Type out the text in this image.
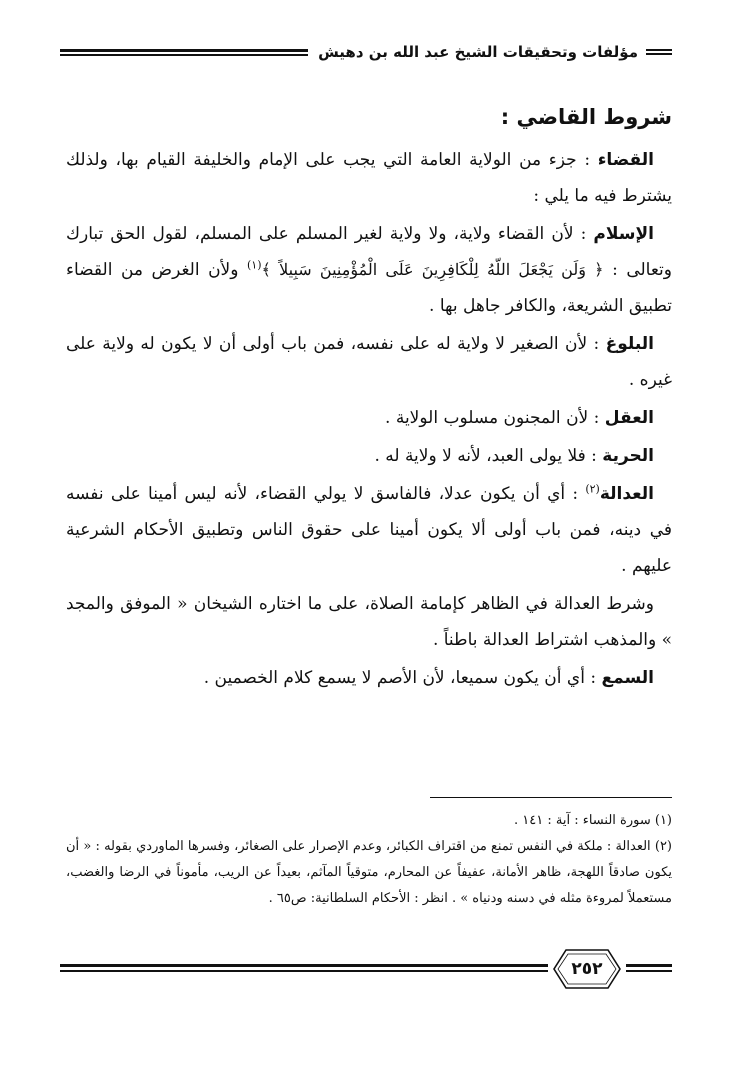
مؤلفات وتحقيقات الشيخ عبد الله بن دهيش
شروط القاضي :

القضاء : جزء من الولاية العامة التي يجب على الإمام والخليفة القيام بها، ولذلك يشترط فيه ما يلي :

الإسلام : لأن القضاء ولاية، ولا ولاية لغير المسلم على المسلم، لقول الحق تبارك وتعالى : ﴿ وَلَن يَجْعَلَ اللّهُ لِلْكَافِرِينَ عَلَى الْمُؤْمِنِينَ سَبِيلاً ﴾$^{(١)}$ ولأن الغرض من القضاء تطبيق الشريعة، والكافر جاهل بها .

البلوغ : لأن الصغير لا ولاية له على نفسه، فمن باب أولى أن لا يكون له ولاية على غيره .

العقل : لأن المجنون مسلوب الولاية .

الحرية : فلا يولى العبد، لأنه لا ولاية له .

العدالة$^{(٢)}$ : أي أن يكون عدلا، فالفاسق لا يولي القضاء، لأنه ليس أمينا على نفسه في دينه، فمن باب أولى ألا يكون أمينا على حقوق الناس وتطبيق الأحكام الشرعية عليهم .

وشرط العدالة في الظاهر كإمامة الصلاة، على ما اختاره الشيخان « الموفق والمجد » والمذهب اشتراط العدالة باطناً .

السمع : أي أن يكون سميعا، لأن الأصم لا يسمع كلام الخصمين .

(١) سورة النساء : آية : ١٤١ .

(٢) العدالة : ملكة في النفس تمنع من اقتراف الكبائر، وعدم الإصرار على الصغائر، وفسرها الماوردي بقوله : « أن يكون صادقاً اللهجة، ظاهر الأمانة، عفيفاً عن المحارم، متوقياً المآثم، بعيداً عن الريب، مأموناً في الرضا والغضب، مستعملاً لمروءة مثله في دسنه ودنياه » . انظر : الأحكام السلطانية: ص٦٥ .

٢٥٢
